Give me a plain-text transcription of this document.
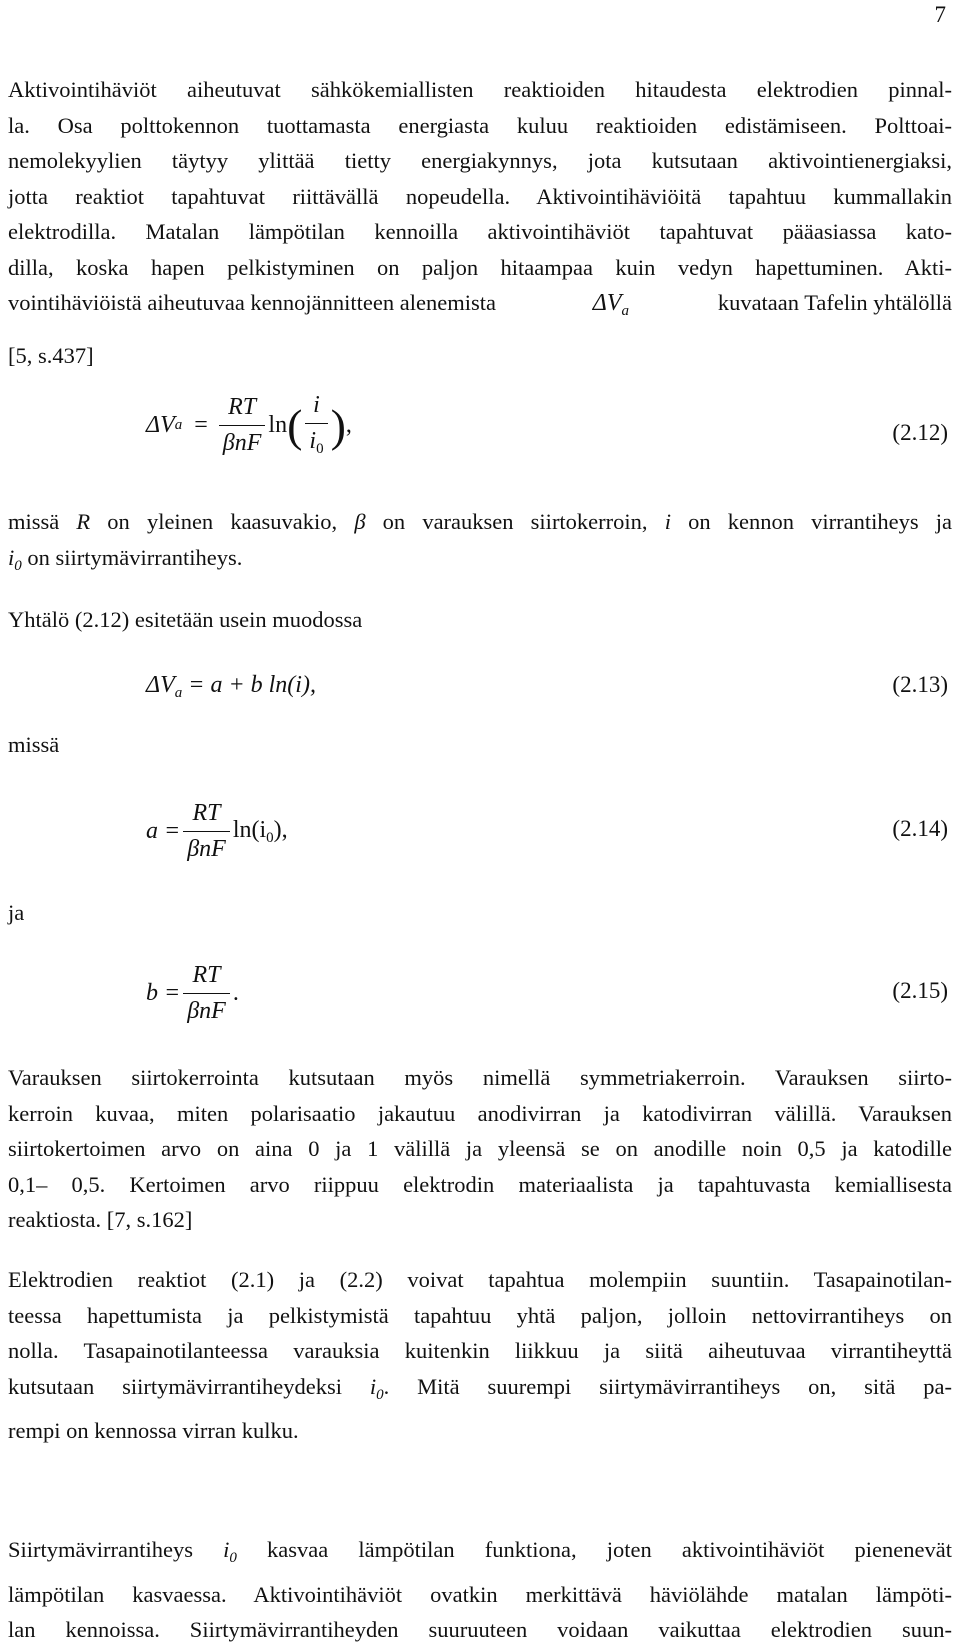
7
Aktivointihäviöt aiheutuvat sähkökemiallisten reaktioiden hitaudesta elektrodien pinnal-
la. Osa polttokennon tuottamasta energiasta kuluu reaktioiden edistämiseen. Polttoai-
nemolekyylien täytyy ylittää tietty energiakynnys, jota kutsutaan aktivointienergiaksi,
jotta reaktiot tapahtuvat riittävällä nopeudella. Aktivointihäviöitä tapahtuu kummallakin
elektrodilla. Matalan lämpötilan kennoilla aktivointihäviöt tapahtuvat pääasiassa kato-
dilla, koska hapen pelkistyminen on paljon hitaampaa kuin vedyn hapettuminen. Akti-
vointihäviöistä aiheutuvaa kennojännitteen alenemista	$\Delta V_a$	kuvataan Tafelin yhtälöllä
[5, s.437]
ΔV $a = \frac{RT}{\text{βnF}}$ ln ( $\frac{i}{i_0}$ ) ,	(2.12)
missä R on yleinen kaasuvakio, β on varauksen siirtokerroin, i on kennon virrantiheys ja
$i_0$ on siirtymävirrantiheys.
Yhtälö (2.12) esitetään usein muodossa
$\Delta V_a = a + b$ ln(i),	(2.13)
missä
$a = \frac{RT}{\text{βnF}} \ln(i_0)$,	(2.14)
ja
$b = \frac{RT}{\text{βnF}}$ .	(2.15)
Varauksen siirtokerrointa kutsutaan myös nimellä symmetriakerroin. Varauksen siirto-
kerroin kuvaa, miten polarisaatio jakautuu anodivirran ja katodivirran välillä. Varauksen
siirtokertoimen arvo on aina 0 ja 1 välillä ja yleensä se on anodille noin 0,5 ja katodille
0,1– 0,5. Kertoimen arvo riippuu elektrodin materiaalista ja tapahtuvasta kemiallisesta
reaktiosta. [7, s.162]
Elektrodien reaktiot (2.1) ja (2.2) voivat tapahtua molempiin suuntiin. Tasapainotilan-
teessa hapettumista ja pelkistymistä tapahtuu yhtä paljon, jolloin nettovirrantiheys on
nolla. Tasapainotilanteessa varauksia kuitenkin liikkuu ja siitä aiheutuvaa virrantiheyttä
kutsutaan siirtymävirrantiheydeksi $i_0$. Mitä suurempi siirtymävirrantiheys on, sitä pa-
rempi on kennossa virran kulku.
Siirtymävirrantiheys $i_0$ kasvaa lämpötilan funktiona, joten aktivointihäviöt pienenevät
lämpötilan kasvaessa. Aktivointihäviöt ovatkin merkittävä häviölähde matalan lämpöti-
lan kennoissa. Siirtymävirrantiheyden suuruuteen voidaan vaikuttaa elektrodien suun-
